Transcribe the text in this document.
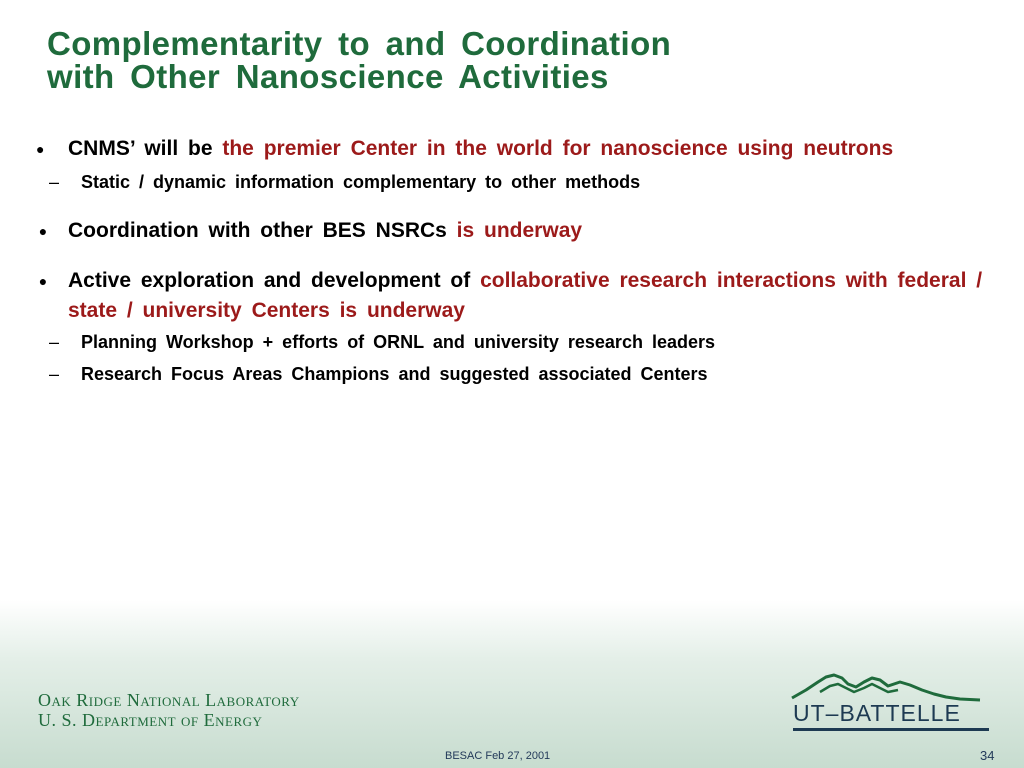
Complementarity to and Coordination
with Other Nanoscience Activities
● CNMS’ will be the premier Center in the world for nanoscience using neutrons
– Static / dynamic information complementary to other methods
● Coordination with other BES NSRCs is underway
● Active exploration and development of collaborative research interactions with federal / state / university Centers is underway
– Planning Workshop + efforts of ORNL and university research leaders
– Research Focus Areas Champions and suggested associated Centers
Oak Ridge National Laboratory
U. S. Department of Energy	UT–BATTELLE
BESAC Feb 27, 2001	34
